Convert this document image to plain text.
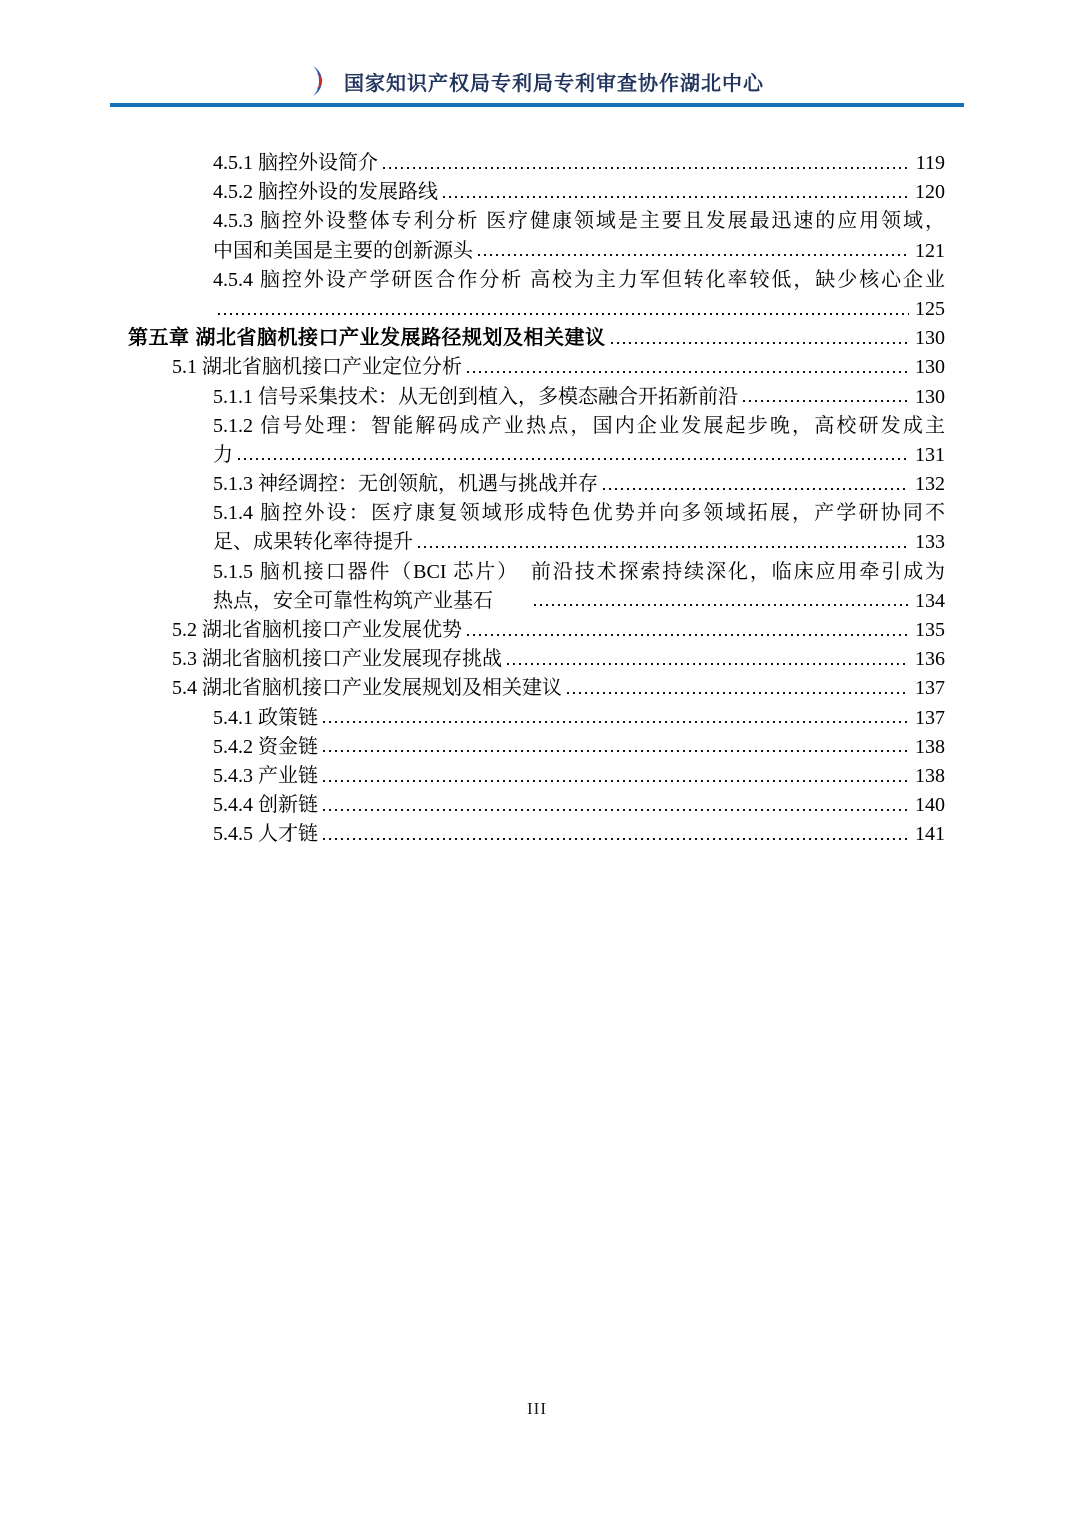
国家知识产权局专利局专利审查协作湖北中心
4.5.1 脑控外设简介	119
4.5.2 脑控外设的发展路线	120
4.5.3 脑控外设整体专利分析 医疗健康领域是主要且发展最迅速的应用领域，
中国和美国是主要的创新源头	121
4.5.4 脑控外设产学研医合作分析 高校为主力军但转化率较低，缺少核心企业
125
第五章 湖北省脑机接口产业发展路径规划及相关建议	130
5.1 湖北省脑机接口产业定位分析	130
5.1.1 信号采集技术：从无创到植入，多模态融合开拓新前沿	130
5.1.2 信号处理：智能解码成产业热点，国内企业发展起步晚，高校研发成主
力	131
5.1.3 神经调控：无创领航，机遇与挑战并存	132
5.1.4 脑控外设：医疗康复领域形成特色优势并向多领域拓展，产学研协同不
足、成果转化率待提升	133
5.1.5 脑机接口器件（BCI 芯片）　前沿技术探索持续深化，临床应用牵引成为
热点，安全可靠性构筑产业基石	134
5.2 湖北省脑机接口产业发展优势	135
5.3 湖北省脑机接口产业发展现存挑战	136
5.4 湖北省脑机接口产业发展规划及相关建议	137
5.4.1 政策链	137
5.4.2 资金链	138
5.4.3 产业链	138
5.4.4 创新链	140
5.4.5 人才链	141
III
